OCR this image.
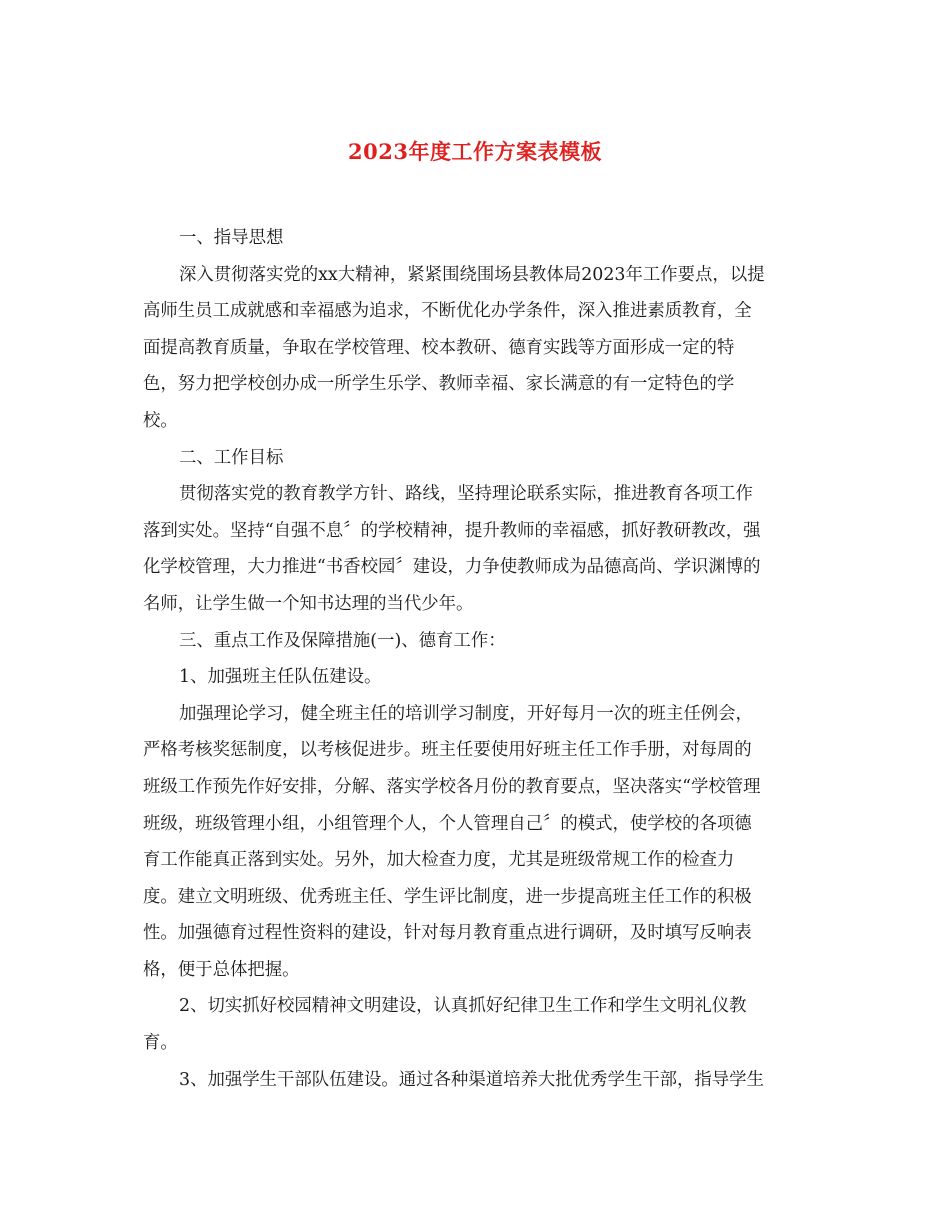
2023年度工作方案表模板
一、指导思想
深入贯彻落实党的xx大精神，紧紧围绕围场县教体局2023年工作要点，以提
高师生员工成就感和幸福感为追求，不断优化办学条件，深入推进素质教育，全
面提高教育质量，争取在学校管理、校本教研、德育实践等方面形成一定的特
色，努力把学校创办成一所学生乐学、教师幸福、家长满意的有一定特色的学
校。
二、工作目标
贯彻落实党的教育教学方针、路线，坚持理论联系实际，推进教育各项工作
落到实处。坚持“自强不息〞的学校精神，提升教师的幸福感，抓好教研教改，强
化学校管理，大力推进“书香校园〞建设，力争使教师成为品德高尚、学识渊博的
名师，让学生做一个知书达理的当代少年。
三、重点工作及保障措施(一)、德育工作：
1、加强班主任队伍建设。
加强理论学习，健全班主任的培训学习制度，开好每月一次的班主任例会，
严格考核奖惩制度，以考核促进步。班主任要使用好班主任工作手册，对每周的
班级工作预先作好安排，分解、落实学校各月份的教育要点，坚决落实“学校管理
班级，班级管理小组，小组管理个人，个人管理自己〞的模式，使学校的各项德
育工作能真正落到实处。另外，加大检查力度，尤其是班级常规工作的检查力
度。建立文明班级、优秀班主任、学生评比制度，进一步提高班主任工作的积极
性。加强德育过程性资料的建设，针对每月教育重点进行调研，及时填写反响表
格，便于总体把握。
2、切实抓好校园精神文明建设，认真抓好纪律卫生工作和学生文明礼仪教
育。
3、加强学生干部队伍建设。通过各种渠道培养大批优秀学生干部，指导学生
